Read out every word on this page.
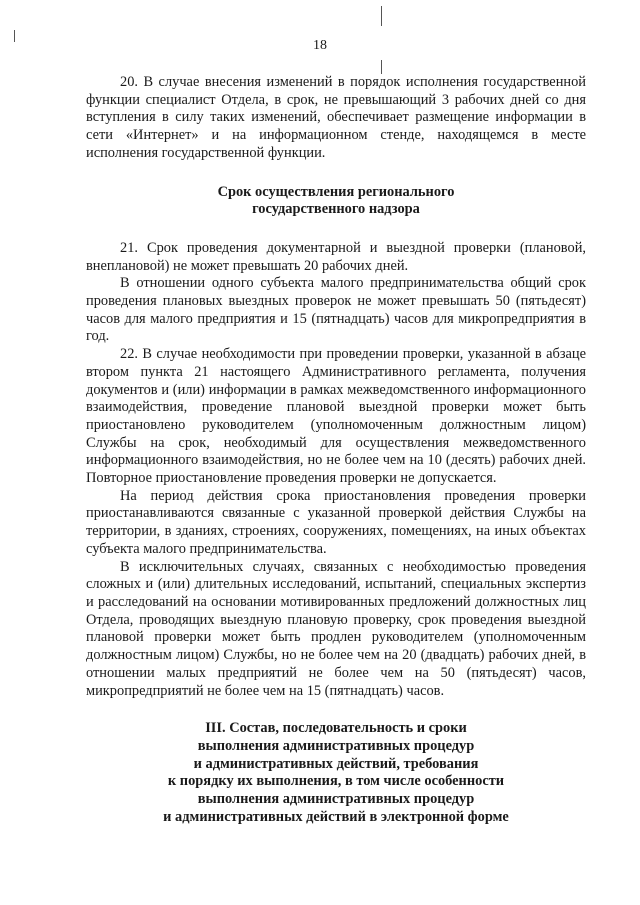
18

20. В случае внесения изменений в порядок исполнения государственной функции специалист Отдела, в срок, не превышающий 3 рабочих дней со дня вступления в силу таких изменений, обеспечивает размещение информации в сети «Интернет» и на информационном стенде, находящемся в месте исполнения государственной функции.

Срок осуществления регионального
государственного надзора

21. Срок проведения документарной и выездной проверки (плановой, внеплановой) не может превышать 20 рабочих дней.

В отношении одного субъекта малого предпринимательства общий срок проведения плановых выездных проверок не может превышать 50 (пятьдесят) часов для малого предприятия и 15 (пятнадцать) часов для микропредприятия в год.

22. В случае необходимости при проведении проверки, указанной в абзаце втором пункта 21 настоящего Административного регламента, получения документов и (или) информации в рамках межведомственного информационного взаимодействия, проведение плановой выездной проверки может быть приостановлено руководителем (уполномоченным должностным лицом) Службы на срок, необходимый для осуществления межведомственного информационного взаимодействия, но не более чем на 10 (десять) рабочих дней. Повторное приостановление проведения проверки не допускается.

На период действия срока приостановления проведения проверки приостанавливаются связанные с указанной проверкой действия Службы на территории, в зданиях, строениях, сооружениях, помещениях, на иных объектах субъекта малого предпринимательства.

В исключительных случаях, связанных с необходимостью проведения сложных и (или) длительных исследований, испытаний, специальных экспертиз и расследований на основании мотивированных предложений должностных лиц Отдела, проводящих выездную плановую проверку, срок проведения выездной плановой проверки может быть продлен руководителем (уполномоченным должностным лицом) Службы, но не более чем на 20 (двадцать) рабочих дней, в отношении малых предприятий не более чем на 50 (пятьдесят) часов, микропредприятий не более чем на 15 (пятнадцать) часов.

III. Состав, последовательность и сроки
выполнения административных процедур
и административных действий, требования
к порядку их выполнения, в том числе особенности
выполнения административных процедур
и административных действий в электронной форме
